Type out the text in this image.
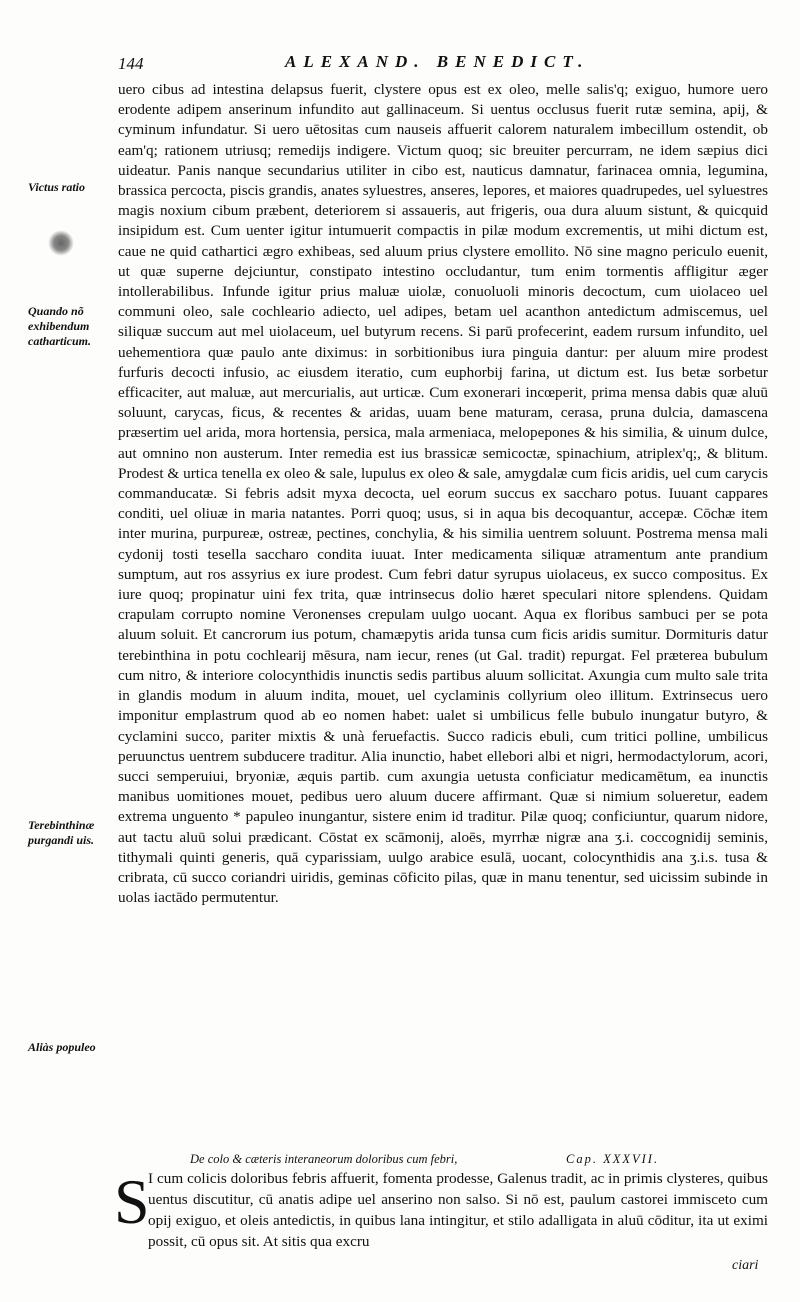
144	ALEXAND. BENEDICT.
Victus ratio
Quando nõ exhibendum catharticum.
Terebinthinæ purgandi uis.
Aliàs populeo

uero cibus ad intestina delapsus fuerit, clystere opus est ex oleo, melle salis'q; exiguo, humore uero erodente adipem anserinum infundito aut gallinaceum. Si uentus occlusus fuerit rutæ semina, apij, & cyminum infundatur. Si uero uētositas cum nauseis affuerit calorem naturalem imbecillum ostendit, ob eam'q; rationem utriusq; remedijs indigere. Victum quoq; sic breuiter percurram, ne idem sæpius dici uideatur. Panis nanque secundarius utiliter in cibo est, nauticus damnatur, farinacea omnia, legumina, brassica percocta, piscis grandis, anates syluestres, anseres, lepores, et maiores quadrupedes, uel syluestres magis noxium cibum præbent, deteriorem si assaueris, aut frigeris, oua dura aluum sistunt, & quicquid insipidum est. Cum uenter igitur intumuerit compactis in pilæ modum excrementis, ut mihi dictum est, caue ne quid cathartici ægro exhibeas, sed aluum prius clystere emollito. Nō sine magno periculo euenit, ut quæ superne dejciuntur, constipato intestino occludantur, tum enim tormentis affligitur æger intollerabilibus. Infunde igitur prius maluæ uiolæ, conuoluoli minoris decoctum, cum uiolaceo uel communi oleo, sale cochleario adiecto, uel adipes, betam uel acanthon antedictum admiscemus, uel siliquæ succum aut mel uiolaceum, uel butyrum recens. Si parū profecerint, eadem rursum infundito, uel uehementiora quæ paulo ante diximus: in sorbitionibus iura pinguia dantur: per aluum mire prodest furfuris decocti infusio, ac eiusdem iteratio, cum euphorbij farina, ut dictum est. Ius betæ sorbetur efficaciter, aut maluæ, aut mercurialis, aut urticæ. Cum exonerari incœperit, prima mensa dabis quæ aluū soluunt, carycas, ficus, & recentes & aridas, uuam bene maturam, cerasa, pruna dulcia, damascena præsertim uel arida, mora hortensia, persica, mala armeniaca, melopepones & his similia, & uinum dulce, aut omnino non austerum. Inter remedia est ius brassicæ semicoctæ, spinachium, atriplex'q;, & blitum. Prodest & urtica tenella ex oleo & sale, lupulus ex oleo & sale, amygdalæ cum ficis aridis, uel cum carycis commanducatæ. Si febris adsit myxa decocta, uel eorum succus ex saccharo potus. Iuuant cappares conditi, uel oliuæ in maria natantes. Porri quoq; usus, si in aqua bis decoquantur, accepæ. Cōchæ item inter murina, purpureæ, ostreæ, pectines, conchylia, & his similia uentrem soluunt. Postrema mensa mali cydonij tosti tesella saccharo condita iuuat. Inter medicamenta siliquæ atramentum ante prandium sumptum, aut ros assyrius ex iure prodest. Cum febri datur syrupus uiolaceus, ex succo compositus. Ex iure quoq; propinatur uini fex trita, quæ intrinsecus dolio hæret speculari nitore splendens. Quidam crapulam corrupto nomine Veronenses crepulam uulgo uocant. Aqua ex floribus sambuci per se pota aluum soluit. Et cancrorum ius potum, chamæpytis arida tunsa cum ficis aridis sumitur. Dormituris datur terebinthina in potu cochlearij mēsura, nam iecur, renes (ut Gal. tradit) repurgat. Fel præterea bubulum cum nitro, & interiore colocynthidis inunctis sedis partibus aluum sollicitat. Axungia cum multo sale trita in glandis modum in aluum indita, mouet, uel cyclaminis collyrium oleo illitum. Extrinsecus uero imponitur emplastrum quod ab eo nomen habet: ualet si umbilicus felle bubulo inungatur butyro, & cyclamini succo, pariter mixtis & unà feruefactis. Succo radicis ebuli, cum tritici polline, umbilicus peruunctus uentrem subducere traditur. Alia inunctio, habet ellebori albi et nigri, hermodactylorum, acori, succi semperuiui, bryoniæ, æquis partib. cum axungia uetusta conficiatur medicamētum, ea inunctis manibus uomitiones mouet, pedibus uero aluum ducere affirmant. Quæ si nimium solueretur, eadem extrema unguento * papuleo inungantur, sistere enim id traditur. Pilæ quoq; conficiuntur, quarum nidore, aut tactu aluū solui prædicant. Cōstat ex scāmonij, aloēs, myrrhæ nigræ ana ʒ.i. coccognidij seminis, tithymali quinti generis, quā cyparissiam, uulgo arabice esulā, uocant, colocynthidis ana ʒ.i.s. tusa & cribrata, cū succo coriandri uiridis, geminas cōficito pilas, quæ in manu tenentur, sed uicissim subinde in uolas iactādo permutentur.

De colo & cæteris interaneorum doloribus cum febri,	Cap. XXXVII.
S

I cum colicis doloribus febris affuerit, fomenta prodesse, Galenus tradit, ac in primis clysteres, quibus uentus discutitur, cū anatis adipe uel anserino non salso. Si nō est, paulum castorei immisceto cum opij exiguo, et oleis antedictis, in quibus lana intingitur, et stilo adalligata in aluū cōditur, ita ut eximi possit, cū opus sit. At sitis qua excru

ciari
